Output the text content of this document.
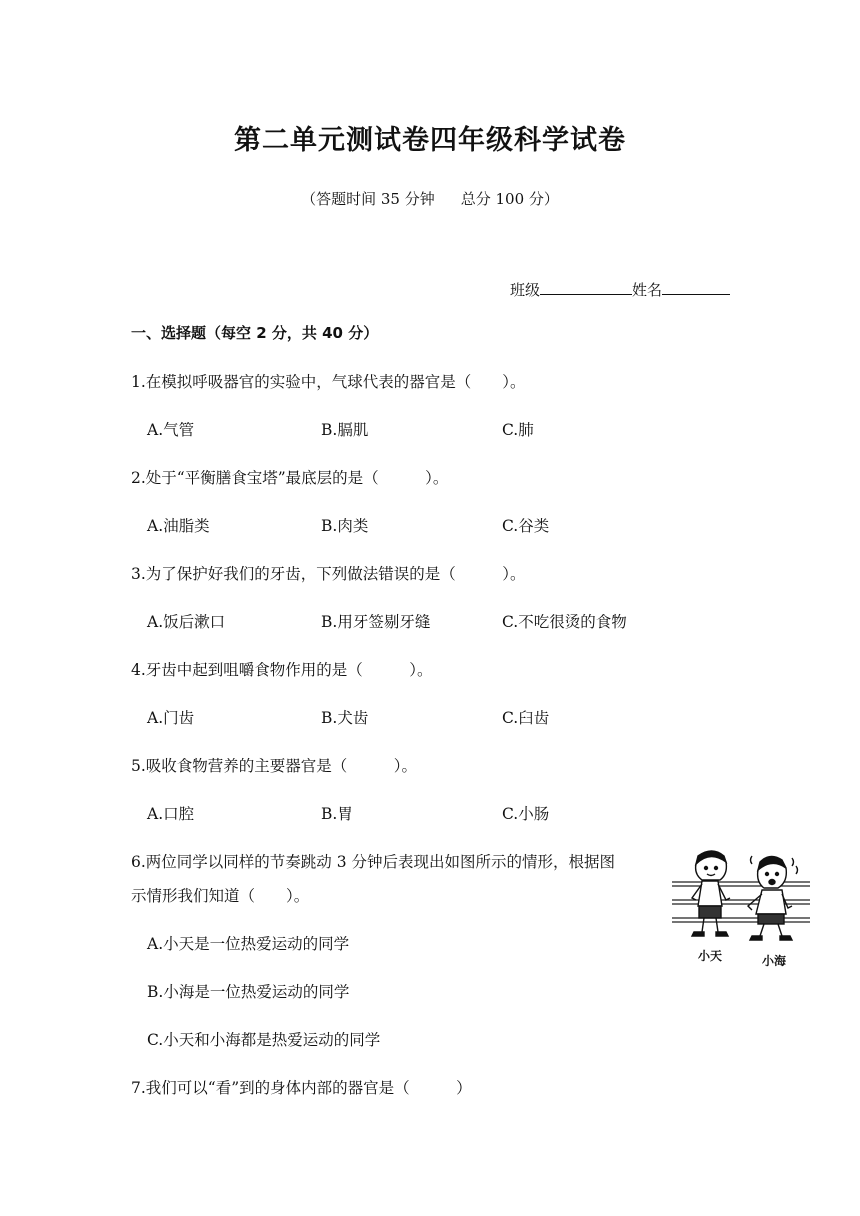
第二单元测试卷四年级科学试卷
（答题时间 35 分钟 总分 100 分）
班级	姓名
一、选择题（每空 2 分，共 40 分）
1.在模拟呼吸器官的实验中，气球代表的器官是（　　）。
A.气管	B.膈肌	C.肺
2.处于“平衡膳食宝塔”最底层的是（　　　）。
A.油脂类	B.肉类	C.谷类
3.为了保护好我们的牙齿，下列做法错误的是（　　　）。
A.饭后漱口	B.用牙签剔牙缝	C.不吃很烫的食物
4.牙齿中起到咀嚼食物作用的是（　　　）。
A.门齿	B.犬齿	C.臼齿
5.吸收食物营养的主要器官是（　　　）。
A.口腔	B.胃	C.小肠
6.两位同学以同样的节奏跳动 3 分钟后表现出如图所示的情形，根据图
示情形我们知道（　　）。
A.小天是一位热爱运动的同学
B.小海是一位热爱运动的同学
C.小天和小海都是热爱运动的同学
小天	小海
7.我们可以“看”到的身体内部的器官是（　　　）
